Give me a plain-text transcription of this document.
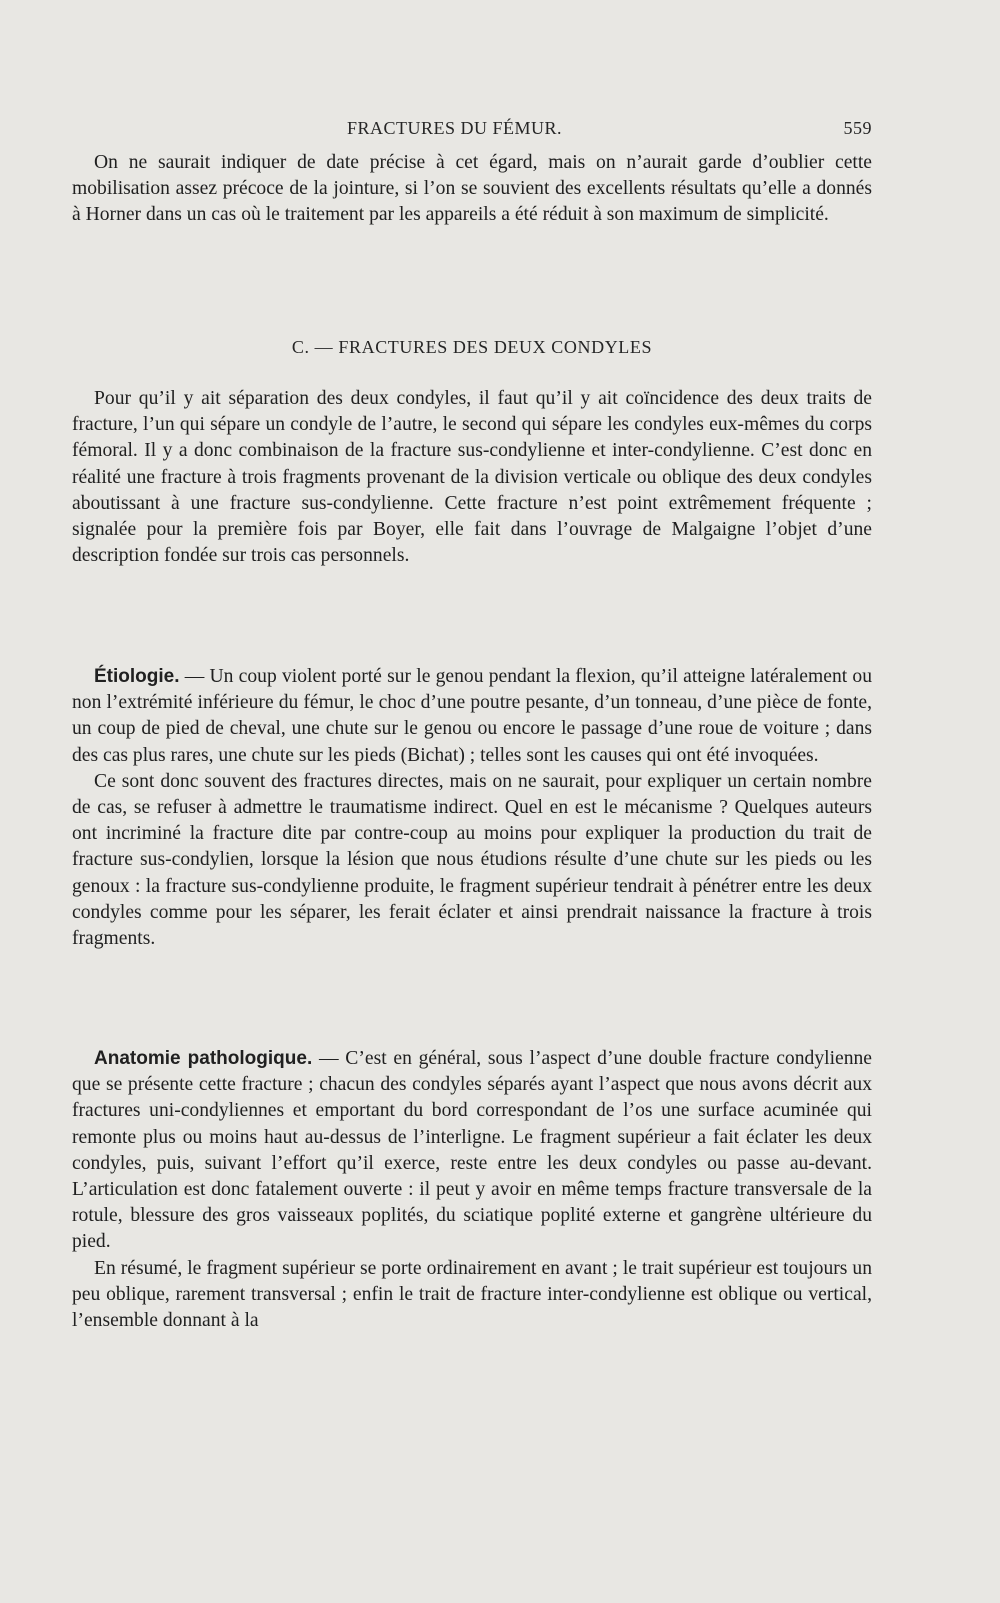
FRACTURES DU FÉMUR.	559

On ne saurait indiquer de date précise à cet égard, mais on n’aurait garde d’oublier cette mobilisation assez précoce de la jointure, si l’on se souvient des excellents résultats qu’elle a donnés à Horner dans un cas où le traitement par les appareils a été réduit à son maximum de simplicité.

C. — FRACTURES DES DEUX CONDYLES

Pour qu’il y ait séparation des deux condyles, il faut qu’il y ait coïncidence des deux traits de fracture, l’un qui sépare un condyle de l’autre, le second qui sépare les condyles eux-mêmes du corps fémoral. Il y a donc combinaison de la fracture sus-condylienne et inter-condylienne. C’est donc en réalité une fracture à trois fragments provenant de la division verticale ou oblique des deux condyles aboutissant à une fracture sus-condylienne. Cette fracture n’est point extrêmement fréquente ; signalée pour la première fois par Boyer, elle fait dans l’ouvrage de Malgaigne l’objet d’une description fondée sur trois cas personnels.

Étiologie. — Un coup violent porté sur le genou pendant la flexion, qu’il atteigne latéralement ou non l’extrémité inférieure du fémur, le choc d’une poutre pesante, d’un tonneau, d’une pièce de fonte, un coup de pied de cheval, une chute sur le genou ou encore le passage d’une roue de voiture ; dans des cas plus rares, une chute sur les pieds (Bichat) ; telles sont les causes qui ont été invoquées.

Ce sont donc souvent des fractures directes, mais on ne saurait, pour expliquer un certain nombre de cas, se refuser à admettre le traumatisme indirect. Quel en est le mécanisme ? Quelques auteurs ont incriminé la fracture dite par contre-coup au moins pour expliquer la production du trait de fracture sus-condylien, lorsque la lésion que nous étudions résulte d’une chute sur les pieds ou les genoux : la fracture sus-condylienne produite, le fragment supérieur tendrait à pénétrer entre les deux condyles comme pour les séparer, les ferait éclater et ainsi prendrait naissance la fracture à trois fragments.

Anatomie pathologique. — C’est en général, sous l’aspect d’une double fracture condylienne que se présente cette fracture ; chacun des condyles séparés ayant l’aspect que nous avons décrit aux fractures uni-condyliennes et emportant du bord correspondant de l’os une surface acuminée qui remonte plus ou moins haut au-dessus de l’interligne. Le fragment supérieur a fait éclater les deux condyles, puis, suivant l’effort qu’il exerce, reste entre les deux condyles ou passe au-devant. L’articulation est donc fatalement ouverte : il peut y avoir en même temps fracture transversale de la rotule, blessure des gros vaisseaux poplités, du sciatique poplité externe et gangrène ultérieure du pied.

En résumé, le fragment supérieur se porte ordinairement en avant ; le trait supérieur est toujours un peu oblique, rarement transversal ; enfin le trait de fracture inter-condylienne est oblique ou vertical, l’ensemble donnant à la
